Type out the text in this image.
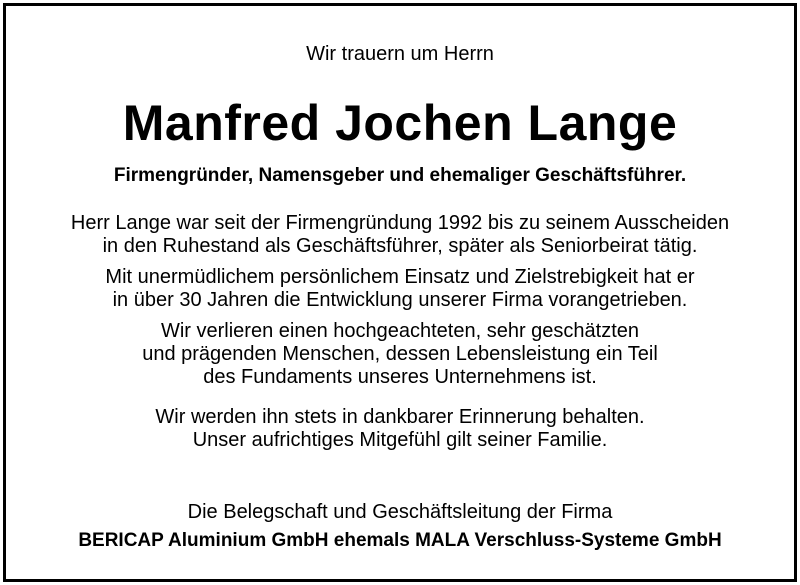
Wir trauern um Herrn

Manfred Jochen Lange

Firmengründer, Namensgeber und ehemaliger Geschäftsführer.

Herr Lange war seit der Firmengründung 1992 bis zu seinem Ausscheiden
in den Ruhestand als Geschäftsführer, später als Seniorbeirat tätig.
Mit unermüdlichem persönlichem Einsatz und Zielstrebigkeit hat er
in über 30 Jahren die Entwicklung unserer Firma vorangetrieben.
Wir verlieren einen hochgeachteten, sehr geschätzten
und prägenden Menschen, dessen Lebensleistung ein Teil
des Fundaments unseres Unternehmens ist.
Wir werden ihn stets in dankbarer Erinnerung behalten.
Unser aufrichtiges Mitgefühl gilt seiner Familie.

Die Belegschaft und Geschäftsleitung der Firma

BERICAP Aluminium GmbH ehemals MALA Verschluss-Systeme GmbH
